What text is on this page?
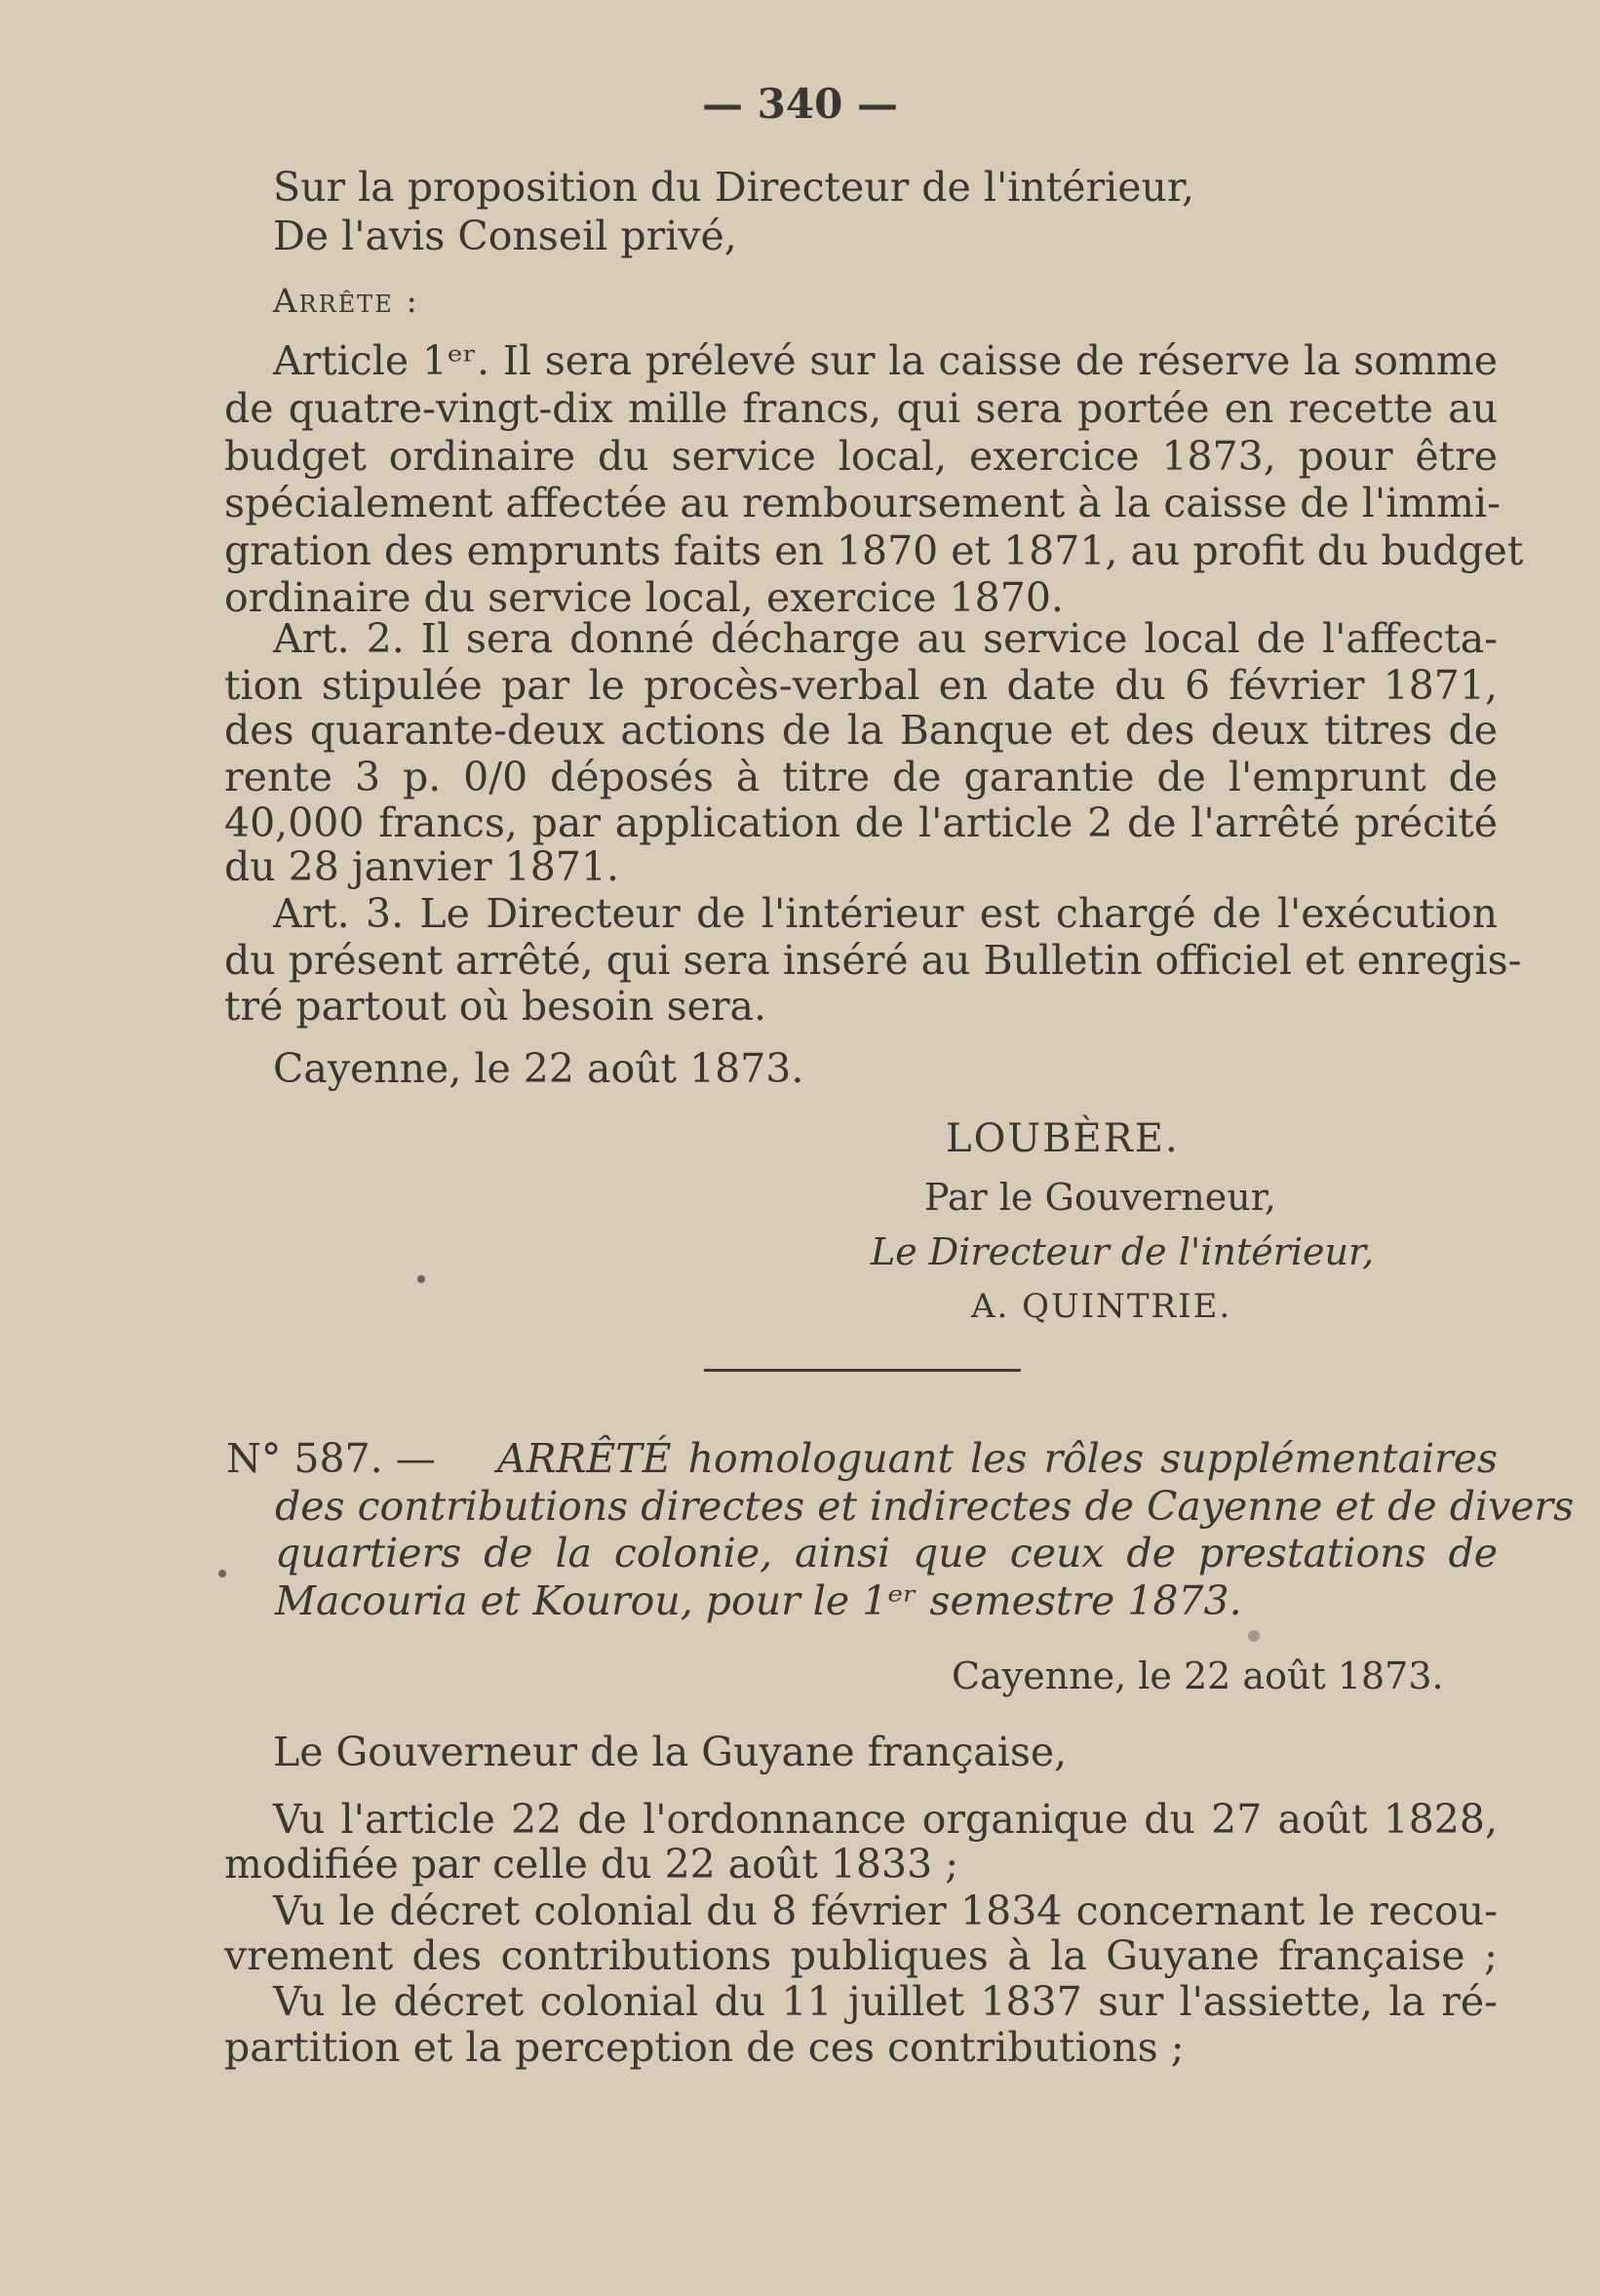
— 340 —
Sur la proposition du Directeur de l'intérieur,
De l'avis Conseil privé,
Arrête :
Article 1ᵉʳ. Il sera prélevé sur la caisse de réserve la somme
de quatre-vingt-dix mille francs, qui sera portée en recette au
budget ordinaire du service local, exercice 1873, pour être
spécialement affectée au remboursement à la caisse de l'immi-
gration des emprunts faits en 1870 et 1871, au profit du budget
ordinaire du service local, exercice 1870.
Art. 2. Il sera donné décharge au service local de l'affecta-
tion stipulée par le procès-verbal en date du 6 février 1871,
des quarante-deux actions de la Banque et des deux titres de
rente 3 p. 0/0 déposés à titre de garantie de l'emprunt de
40,000 francs, par application de l'article 2 de l'arrêté précité
du 28 janvier 1871.
Art. 3. Le Directeur de l'intérieur est chargé de l'exécution
du présent arrêté, qui sera inséré au Bulletin officiel et enregis-
tré partout où besoin sera.
Cayenne, le 22 août 1873.
LOUBÈRE.
Par le Gouverneur,
Le Directeur de l'intérieur,
A. QUINTRIE.
N° 587. — ARRÊTÉ homologuant les rôles supplémentaires
des contributions directes et indirectes de Cayenne et de divers
quartiers de la colonie, ainsi que ceux de prestations de
Macouria et Kourou, pour le 1ᵉʳ semestre 1873.
Cayenne, le 22 août 1873.
Le Gouverneur de la Guyane française,
Vu l'article 22 de l'ordonnance organique du 27 août 1828,
modifiée par celle du 22 août 1833 ;
Vu le décret colonial du 8 février 1834 concernant le recou-
vrement des contributions publiques à la Guyane française ;
Vu le décret colonial du 11 juillet 1837 sur l'assiette, la ré-
partition et la perception de ces contributions ;
